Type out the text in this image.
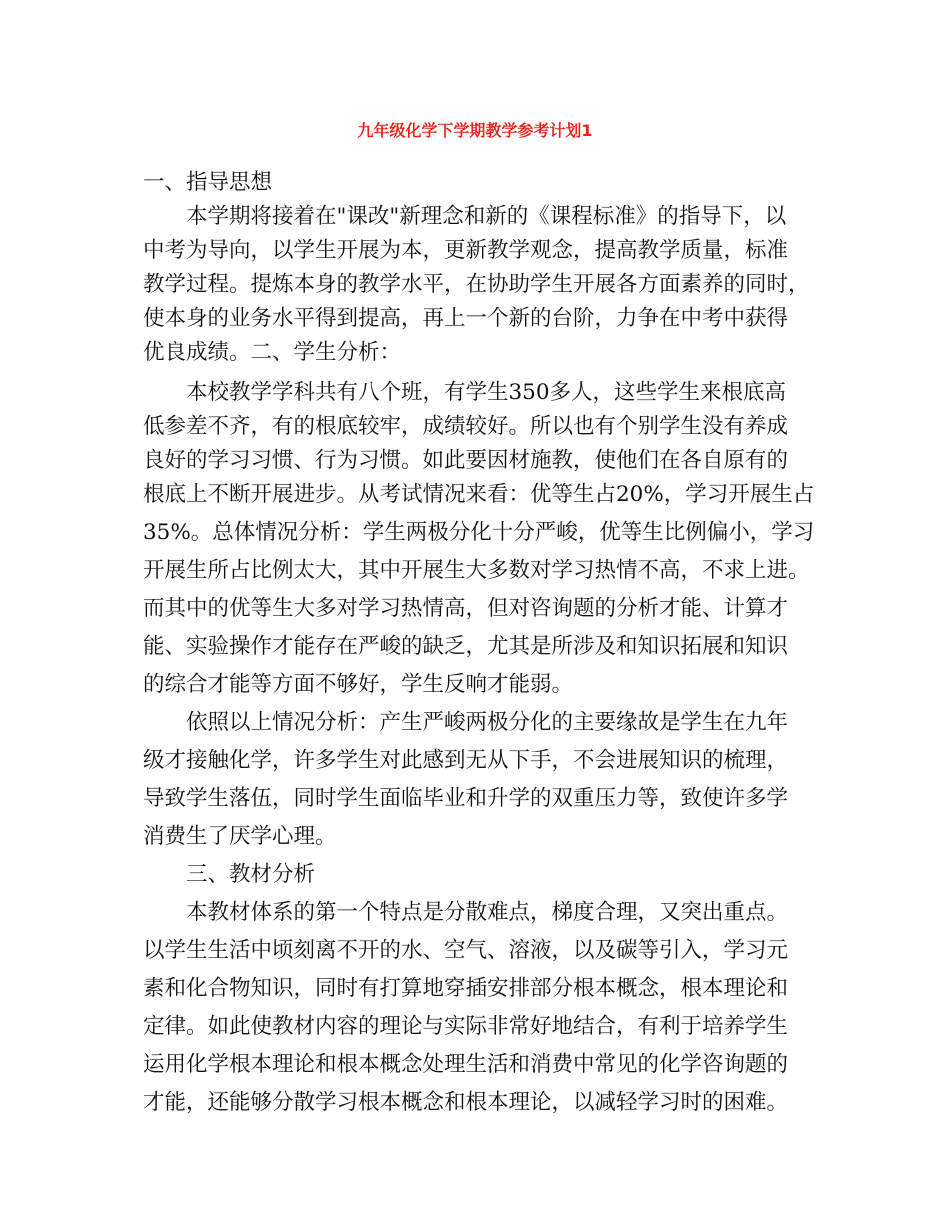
九年级化学下学期教学参考计划1
一、指导思想
本学期将接着在"课改"新理念和新的《课程标准》的指导下，以
中考为导向，以学生开展为本，更新教学观念，提高教学质量，标准
教学过程。提炼本身的教学水平，在协助学生开展各方面素养的同时，
使本身的业务水平得到提高，再上一个新的台阶，力争在中考中获得
优良成绩。二、学生分析：
本校教学学科共有八个班，有学生350多人，这些学生来根底高
低参差不齐，有的根底较牢，成绩较好。所以也有个别学生没有养成
良好的学习习惯、行为习惯。如此要因材施教，使他们在各自原有的
根底上不断开展进步。从考试情况来看：优等生占20%，学习开展生占
35%。总体情况分析：学生两极分化十分严峻，优等生比例偏小，学习
开展生所占比例太大，其中开展生大多数对学习热情不高，不求上进。
而其中的优等生大多对学习热情高，但对咨询题的分析才能、计算才
能、实验操作才能存在严峻的缺乏，尤其是所涉及和知识拓展和知识
的综合才能等方面不够好，学生反响才能弱。
依照以上情况分析：产生严峻两极分化的主要缘故是学生在九年
级才接触化学，许多学生对此感到无从下手，不会进展知识的梳理，
导致学生落伍，同时学生面临毕业和升学的双重压力等，致使许多学
消费生了厌学心理。
三、教材分析
本教材体系的第一个特点是分散难点，梯度合理，又突出重点。
以学生生活中顷刻离不开的水、空气、溶液，以及碳等引入，学习元
素和化合物知识，同时有打算地穿插安排部分根本概念，根本理论和
定律。如此使教材内容的理论与实际非常好地结合，有利于培养学生
运用化学根本理论和根本概念处理生活和消费中常见的化学咨询题的
才能，还能够分散学习根本概念和根本理论，以减轻学习时的困难。
